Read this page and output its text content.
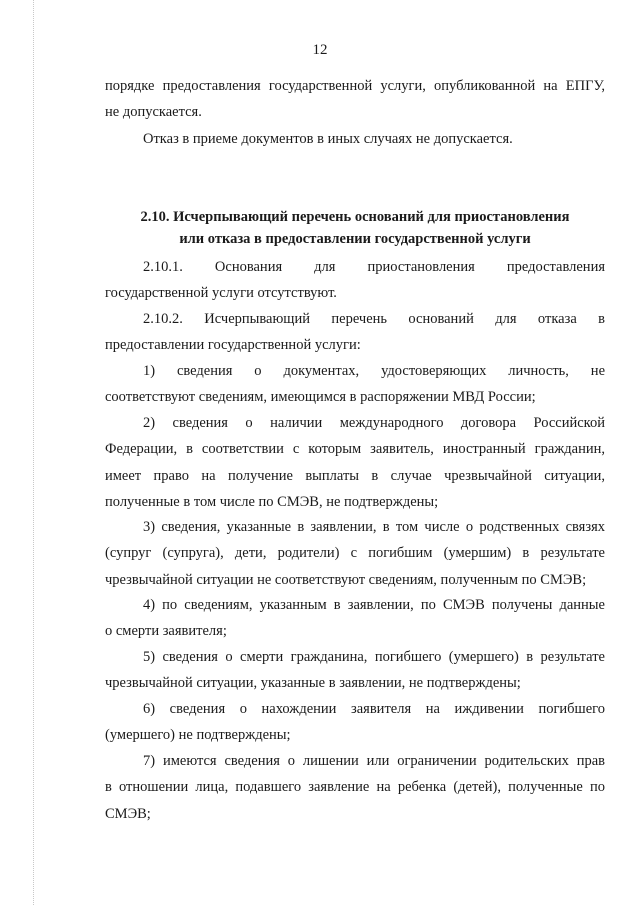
12

порядке предоставления государственной услуги, опубликованной на ЕПГУ,

не допускается.

Отказ в приеме документов в иных случаях не допускается.

2.10. Исчерпывающий перечень оснований для приостановления

или отказа в предоставлении государственной услуги

2.10.1. Основания для приостановления предоставления

государственной услуги отсутствуют.

2.10.2. Исчерпывающий перечень оснований для отказа в

предоставлении государственной услуги:

1) сведения о документах, удостоверяющих личность, не

соответствуют сведениям, имеющимся в распоряжении МВД России;

2) сведения о наличии международного договора Российской

Федерации, в соответствии с которым заявитель, иностранный гражданин, имеет право на получение выплаты в случае чрезвычайной ситуации, полученные в том числе по СМЭВ, не подтверждены;

3) сведения, указанные в заявлении, в том числе о родственных связях

(супруг (супруга), дети, родители) с погибшим (умершим) в результате чрезвычайной ситуации не соответствуют сведениям, полученным по СМЭВ;

4) по сведениям, указанным в заявлении, по СМЭВ получены данные

о смерти заявителя;

5) сведения о смерти гражданина, погибшего (умершего) в результате

чрезвычайной ситуации, указанные в заявлении, не подтверждены;

6) сведения о нахождении заявителя на иждивении погибшего

(умершего) не подтверждены;

7) имеются сведения о лишении или ограничении родительских прав

в отношении лица, подавшего заявление на ребенка (детей), полученные по СМЭВ;
